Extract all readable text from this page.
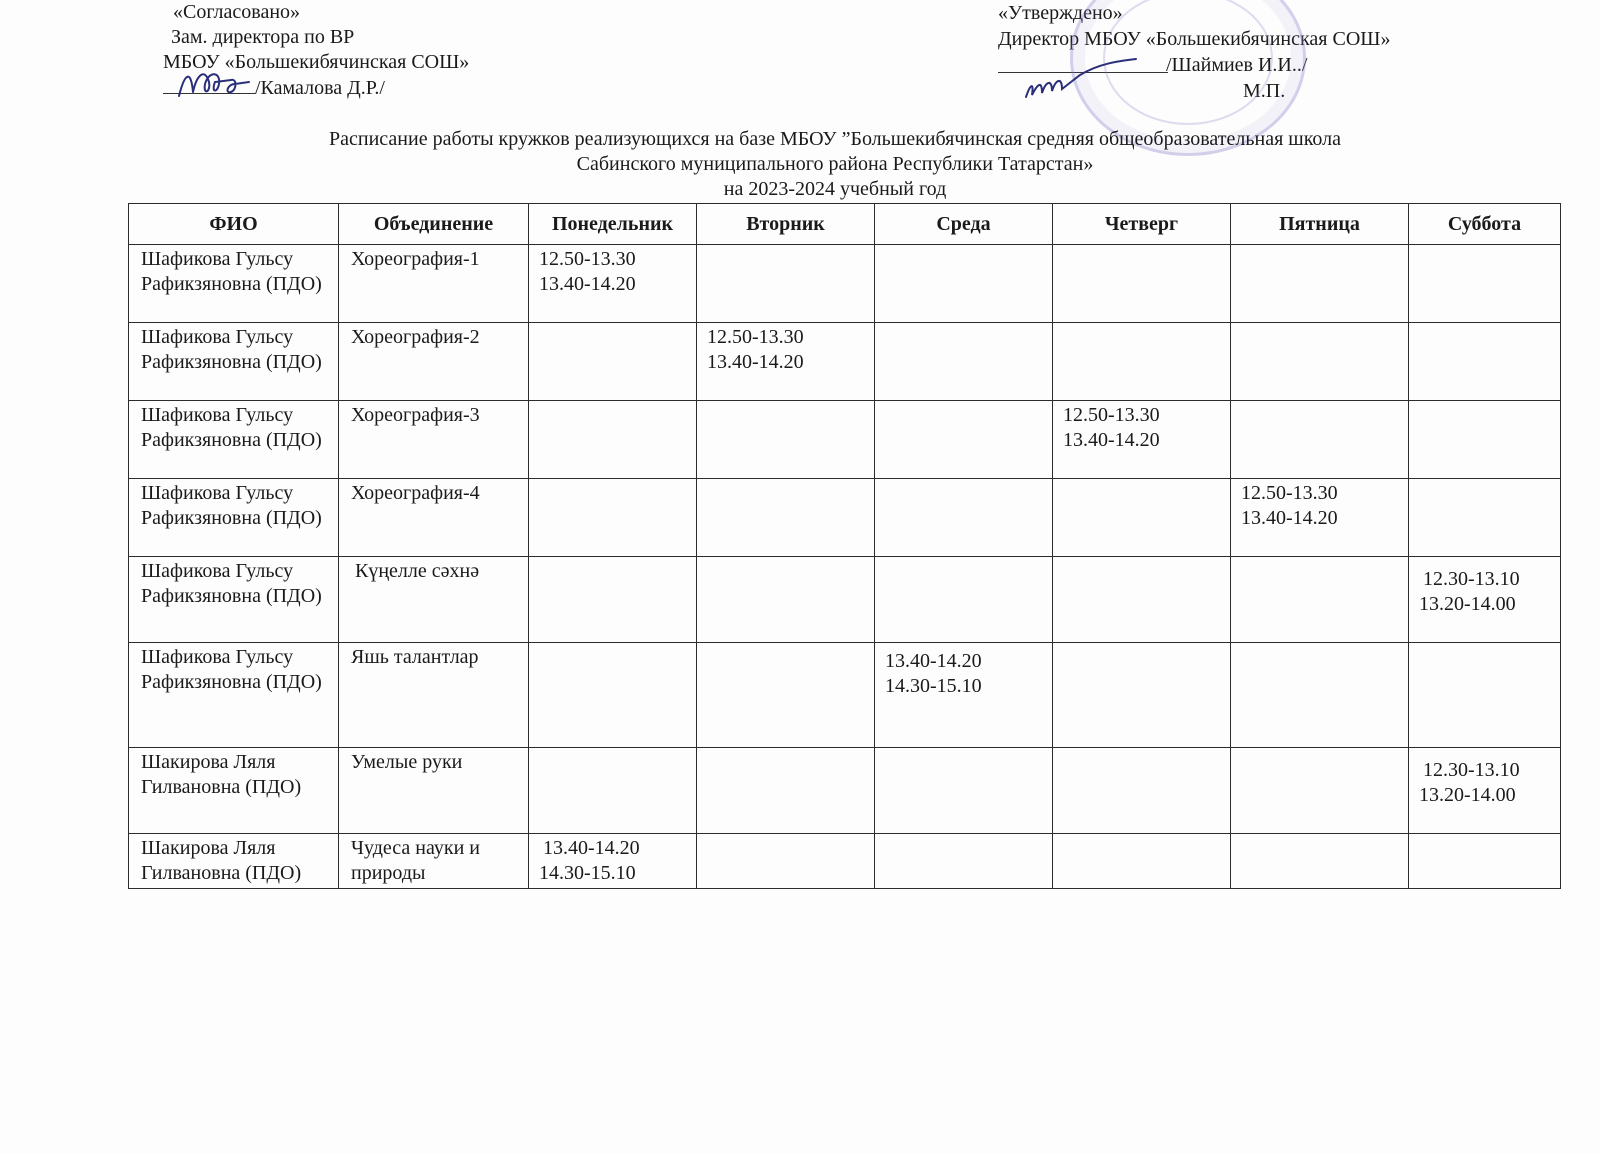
«Согласовано»
Зам. директора по ВР
МБОУ «Большекибячинская СОШ»
/Камалова Д.Р./
«Утверждено»
Директор МБОУ «Большекибячинская СОШ»
/Шаймиев И.И../
М.П.
Расписание работы кружков реализующихся на базе МБОУ ”Большекибячинская средняя общеобразовательная школа
Сабинского муниципального района Республики Татарстан»
на 2023-2024 учебный год
ФИО	Объединение	Понедельник	Вторник	Среда	Четверг	Пятница	Суббота
Шафикова Гульсу Рафикзяновна (ПДО)	Хореография-1	12.50-13.30
13.40-14.20					

Шафикова Гульсу Рафикзяновна (ПДО)	Хореография-2		12.50-13.30
13.40-14.20				

Шафикова Гульсу Рафикзяновна (ПДО)	Хореография-3				12.50-13.30
13.40-14.20		

Шафикова Гульсу Рафикзяновна (ПДО)	Хореография-4					12.50-13.30
13.40-14.20	

Шафикова Гульсу Рафикзяновна (ПДО)	Күңелле сәхнә						12.30-13.10
13.20-14.00

Шафикова Гульсу Рафикзяновна (ПДО)	Яшь талантлар			13.40-14.20
14.30-15.10			

Шакирова Ляля Гилвановна (ПДО)	Умелые руки						12.30-13.10
13.20-14.00

Шакирова Ляля Гилвановна (ПДО)	Чудеса науки и природы	13.40-14.20
14.30-15.10					
